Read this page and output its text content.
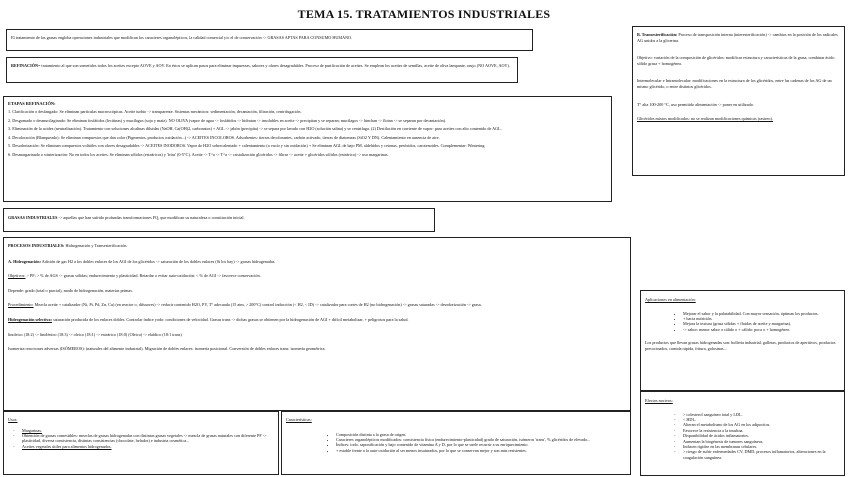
TEMA 15. TRATAMIENTOS INDUSTRIALES

El tratamiento de las grasas engloba operaciones industriales que modifican los caracteres organolépticos, la calidad comercial y/o el de conservación -> GRASAS APTAS PARA CONSUMO HUMANO.

REFINACIÓN= tratamiento al que son sometidos todos los aceites excepto AOVE y AOV. En éstos se aplican pasos para eliminar impurezas, sabores y olores desagradables. Proceso de purificación de aceites. Se emplean los aceites de semillas, aceite de oliva lampante, orujo (NO AOVE, AOV).

ETAPAS REFINACIÓN:

1. Clarificación o desfangado: Se eliminan partículas macroscópicas. Aceite turbio -> transparente. Sistemas mecánicos: sedimentación, decantación, filtración, centrifugación.

2. Desgomado o desmucilaginado: Se eliminan fosfátidos (lecitinas) y mucílagos (soja y maíz). NO OLIVA (vapor de agua -> fosfátidos -> hidratan -> insolubles en aceite -> precipitan y se separan; mucílagos -> hinchan -> flotan -> se separan por decantación).

3. Eliminación de la acidez (neutralización). Tratamiento con soluciones alcalinas diluidas (NaOH, Ca(OH)2, carbonatos) + AGL -> jabón (precipita) -> se separa por lavado con H2O (solución salina) y se centrifuga. (2) Destilación en corriente de vapor: para aceites con alto contenido de AGL.

4. Decoloración (Blanqueado): Se eliminan compuestos que dan color (Pigmentos, productos oxidación...) -> ACEITES INCOLOROS. Adsorbentes: tierras decolorantes, carbón activado, tierras de diatomeas (SiO2 Y DN). Calentamiento en ausencia de aire.

5. Desodorización: Se eliminan compuestos volátiles con olores desagradables -> ACEITES INODOROS. Vapor de H2O sobrecalentado + calentamiento (a vacío y sin oxidación) + Se eliminan AGL de bajo PM, aldehídos y cetonas, peróxidos, carotenoides. Complementar: Wintering.

6. Desmargarinado o winterización: No en todos los aceites. Se eliminan sólidos (esteáricos) y 'frías' (0-5°C). Aceite -> T^a -> T^a -> cristalización glicéridos -> filtrar -> aceite + glicéridos sólidos (esteárico) -> uso margarinas.

GRASAS INDUSTRIALES -> aquellas que han sufrido profundas transformaciones FQ, que modifican su naturaleza o constitución inicial.

PROCESOS INDUSTRIALES: Hidrogenación y Transesterificación.

A. Hidrogenación: Adición de gas H2 a los dobles enlaces de los AGI de los glicéridos -> saturación de los dobles enlaces (Si los hay) -> grasas hidrogenadas.

Objetivos: > PF; > % de AGS -> grasas sólidas; endurecimiento y plasticidad. Retardar o evitar auto-oxidación: < % de AGI -> favorece conservación.

Depende: grado (total o parcial), modo de hidrogenación, materias primas.

Procedimiento: Mezcla aceite + catalizador (Ni, Pt, Pd, Zn, Cu) (en reactor o, difusores) -> reducir contenido H2O, PV, T° adecuada (15 atm, > 200°C) control inducción (< H2, < ID) -> catalizador para cortes de H2 (no hidrogenación) -> grasas saturadas -> desodorización -> grasa.

Hidrogenación selectiva: saturación producida de los enlaces dobles. Controlar índice yodo: condiciones de velocidad. Grasas trans -> dichas grasas se obtienen por la hidrogenación de AGI + difícil metabolizar, + peligrosos para la salud.

linoleico (18:2) -> linolénico (18:3) -> oleico (18:1) -> esteárico (18:0) (Oleico) -> elaídico (18:1 trans)

Isomeriza reacciones adversas (ISÓMEROS): (naturales del alimento industrial). Migración de dobles enlaces: isomería posicional. Conversión de dobles enlaces trans: isomería geométrica.

Usos:

- Margarinas.
- Obtención de grasas comestibles: mezclas de grasas hidrogenadas con distintas grasas vegetales -> mezcla de grasas naturales con diferente PF -> plasticidad, diversa consistencia, distintas consistencias (chocolate, helados) e industria cosmética...
- Aceites vegetales útiles para alimentos hidrogenados.

Características:

• Composición distinta a la grasa de origen.
• Caracteres organolépticos modificados: consistencia física (endurecimiento-plasticidad) grado de saturación, isómeros 'trans', % glicéridos de elevado...
• Índices: iodo, saponificación y bajo contenido de vitamina A y D, por lo que se suele recurrir a su enriquecimiento.
• + estable frente a la auto-oxidación al ser menos insaturados, por lo que se conservan mejor y son más resistentes.

B. Transesterificación: Proceso de transposición interna (interesterificación) -> cambios en la posición de los radicales AG unidos a la glicerina.

Objetivo: variación de la composición de glicéridos: modificar estructura y características de la grasa, combinar ácido sólido grasa + homogénea.

Intermolecular e Intramolecular: modificaciones en la estructura de los glicéridos, entre las cadenas de los AG de un mismo glicérido, o entre distintos glicéridos.

T° alta 100-200 °C, uso permitido alimentación -> poner en utilizado.

Glicéridos mixtos modificados: no se realizan modificaciones químicas (rastreo).

Aplicaciones en alimentación:

• Mejorar el sabor y la palatabilidad. Con mayor sensación, óptimas los productos.
• + hacia nutrición.
• Mejora la textura (grasa sólidas + fluidas de aceite y margarina).
• -> sabor: menor sabor a cálido o + cálido: poca o + homogéneo.

Los productos que llevan grasas hidrogenadas son: bollería industrial, galletas, productos de aperitivos, productos precocinados, comida rápida, fritura, golosinas...

Efectos nocivos:

- > colesterol sanguíneo total y LDL.
- < HDL.
- Alteran el metabolismo de los AG en los adipocitos.
- Favorece la resistencia a la insulina.
- Disponibilidad de ácidos inflamatorios.
- Aumentan la biogénesis de tumores sanguíneos.
- Inducen rigidez en las membranas celulares.
- > riesgo de sufrir enfermedades CV, DMD, procesos inflamatorios, alteraciones en la coagulación sanguínea.
